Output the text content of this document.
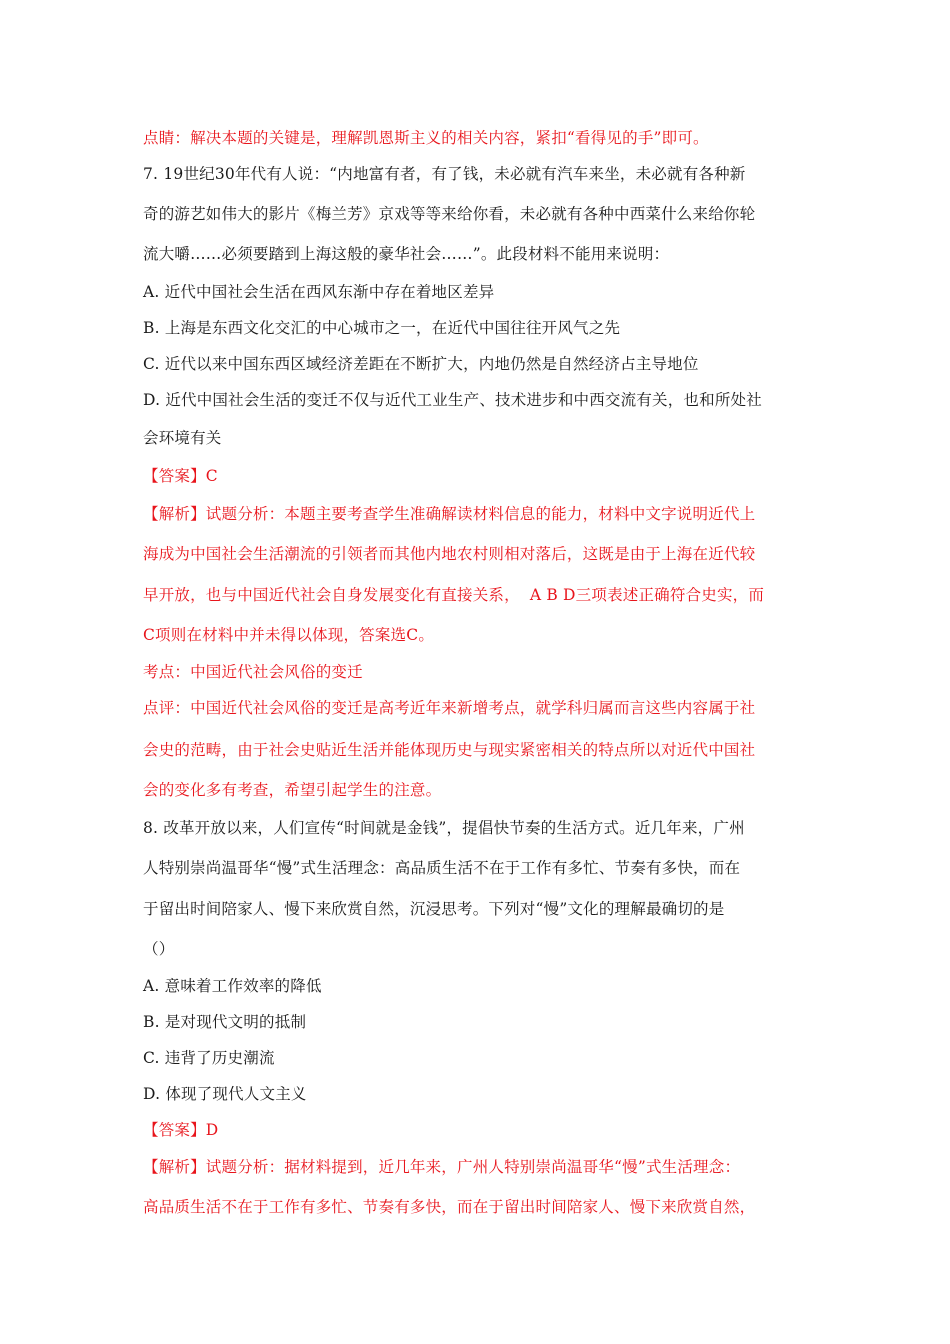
点睛：解决本题的关键是，理解凯恩斯主义的相关内容，紧扣“看得见的手”即可。

7. 19世纪30年代有人说：“内地富有者，有了钱，未必就有汽车来坐，未必就有各种新

奇的游艺如伟大的影片《梅兰芳》京戏等等来给你看，未必就有各种中西菜什么来给你轮

流大嚼……必须要踏到上海这般的豪华社会……”。此段材料不能用来说明：

A. 近代中国社会生活在西风东渐中存在着地区差异

B. 上海是东西文化交汇的中心城市之一，在近代中国往往开风气之先

C. 近代以来中国东西区域经济差距在不断扩大，内地仍然是自然经济占主导地位

D. 近代中国社会生活的变迁不仅与近代工业生产、技术进步和中西交流有关，也和所处社

会环境有关

【答案】C

【解析】试题分析：本题主要考查学生准确解读材料信息的能力，材料中文字说明近代上

海成为中国社会生活潮流的引领者而其他内地农村则相对落后，这既是由于上海在近代较

早开放，也与中国近代社会自身发展变化有直接关系， A B D三项表述正确符合史实，而

C项则在材料中并未得以体现，答案选C。

考点：中国近代社会风俗的变迁

点评：中国近代社会风俗的变迁是高考近年来新增考点，就学科归属而言这些内容属于社

会史的范畴，由于社会史贴近生活并能体现历史与现实紧密相关的特点所以对近代中国社

会的变化多有考查，希望引起学生的注意。

8. 改革开放以来，人们宣传“时间就是金钱”，提倡快节奏的生活方式。近几年来，广州

人特别崇尚温哥华“慢”式生活理念：高品质生活不在于工作有多忙、节奏有多快，而在

于留出时间陪家人、慢下来欣赏自然，沉浸思考。下列对“慢”文化的理解最确切的是

（）

A. 意味着工作效率的降低

B. 是对现代文明的抵制

C. 违背了历史潮流

D. 体现了现代人文主义

【答案】D

【解析】试题分析：据材料提到，近几年来，广州人特别崇尚温哥华“慢”式生活理念：

高品质生活不在于工作有多忙、节奏有多快，而在于留出时间陪家人、慢下来欣赏自然，
